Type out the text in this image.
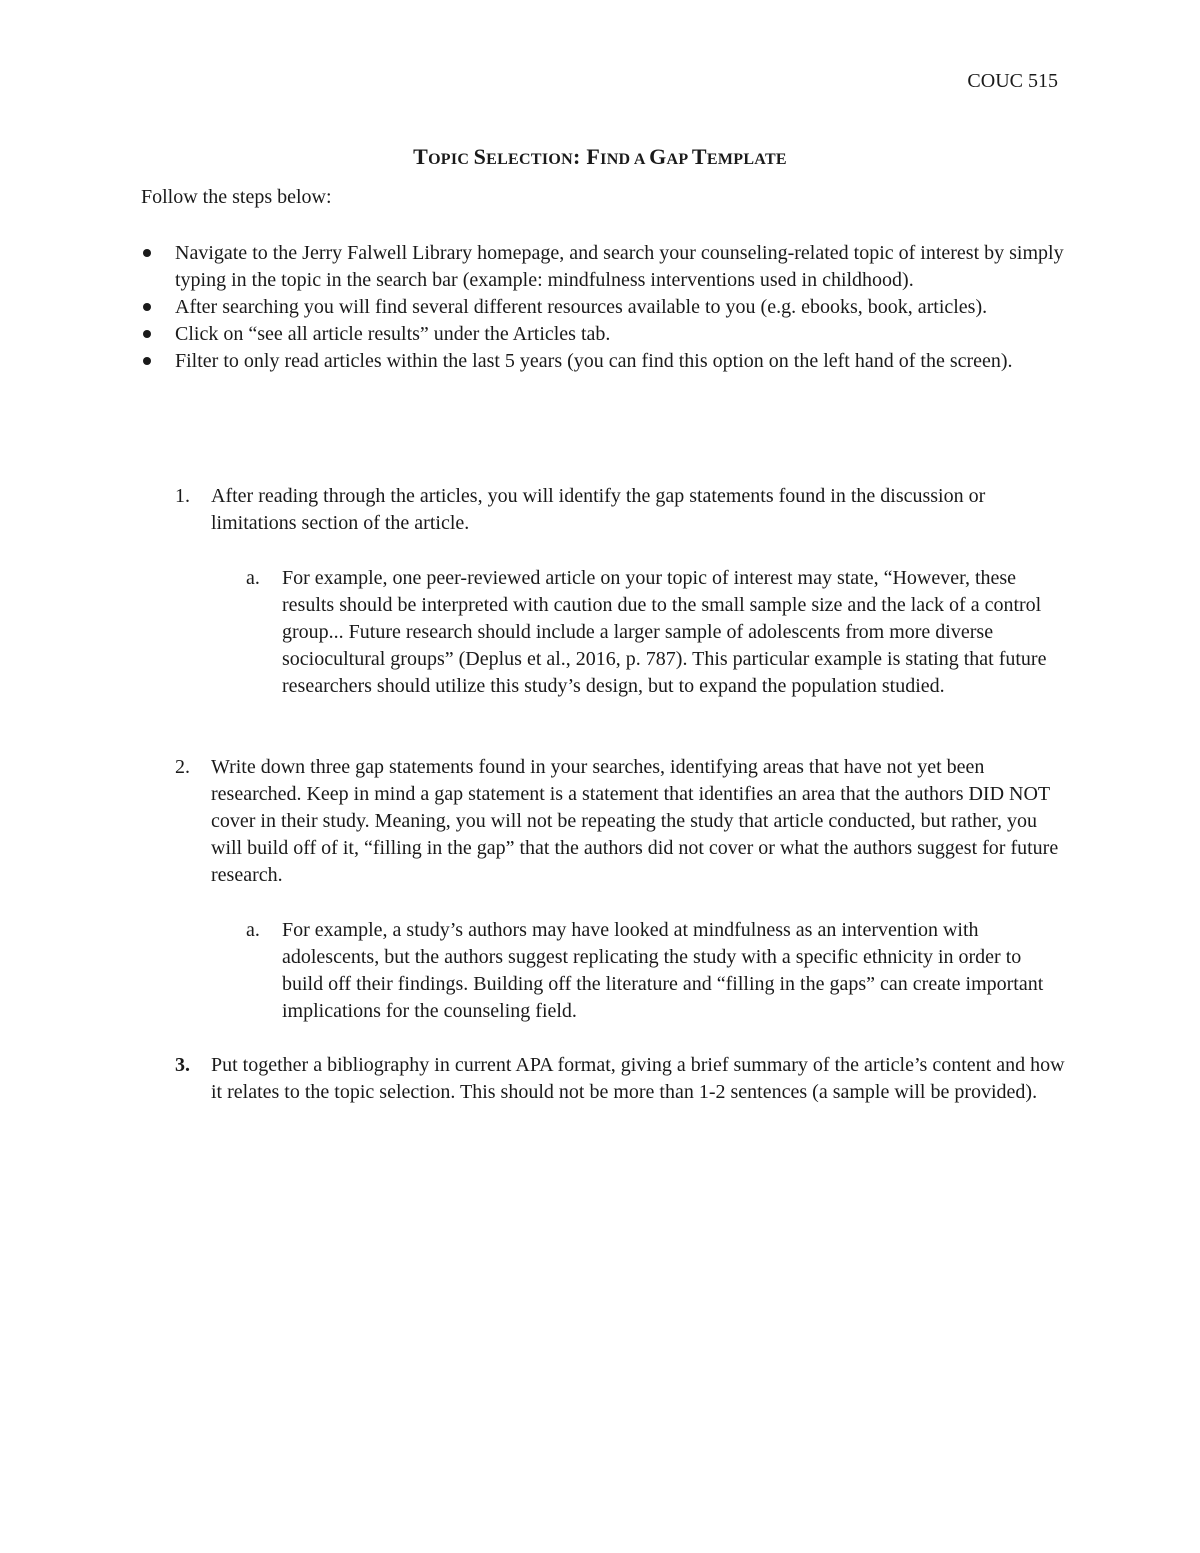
COUC 515
TOPIC SELECTION: FIND A GAP TEMPLATE
Follow the steps below:
Navigate to the Jerry Falwell Library homepage, and search your counseling-related topic of interest by simply typing in the topic in the search bar (example: mindfulness interventions used in childhood).
After searching you will find several different resources available to you (e.g. ebooks, book, articles).
Click on “see all article results” under the Articles tab.
Filter to only read articles within the last 5 years (you can find this option on the left hand of the screen).
1. After reading through the articles, you will identify the gap statements found in the discussion or limitations section of the article.
a. For example, one peer-reviewed article on your topic of interest may state, “However, these results should be interpreted with caution due to the small sample size and the lack of a control group... Future research should include a larger sample of adolescents from more diverse sociocultural groups” (Deplus et al., 2016, p. 787). This particular example is stating that future researchers should utilize this study’s design, but to expand the population studied.
2. Write down three gap statements found in your searches, identifying areas that have not yet been researched. Keep in mind a gap statement is a statement that identifies an area that the authors DID NOT cover in their study. Meaning, you will not be repeating the study that article conducted, but rather, you will build off of it, “filling in the gap” that the authors did not cover or what the authors suggest for future research.
a. For example, a study’s authors may have looked at mindfulness as an intervention with adolescents, but the authors suggest replicating the study with a specific ethnicity in order to build off their findings. Building off the literature and “filling in the gaps” can create important implications for the counseling field.
3. Put together a bibliography in current APA format, giving a brief summary of the article’s content and how it relates to the topic selection. This should not be more than 1-2 sentences (a sample will be provided).
